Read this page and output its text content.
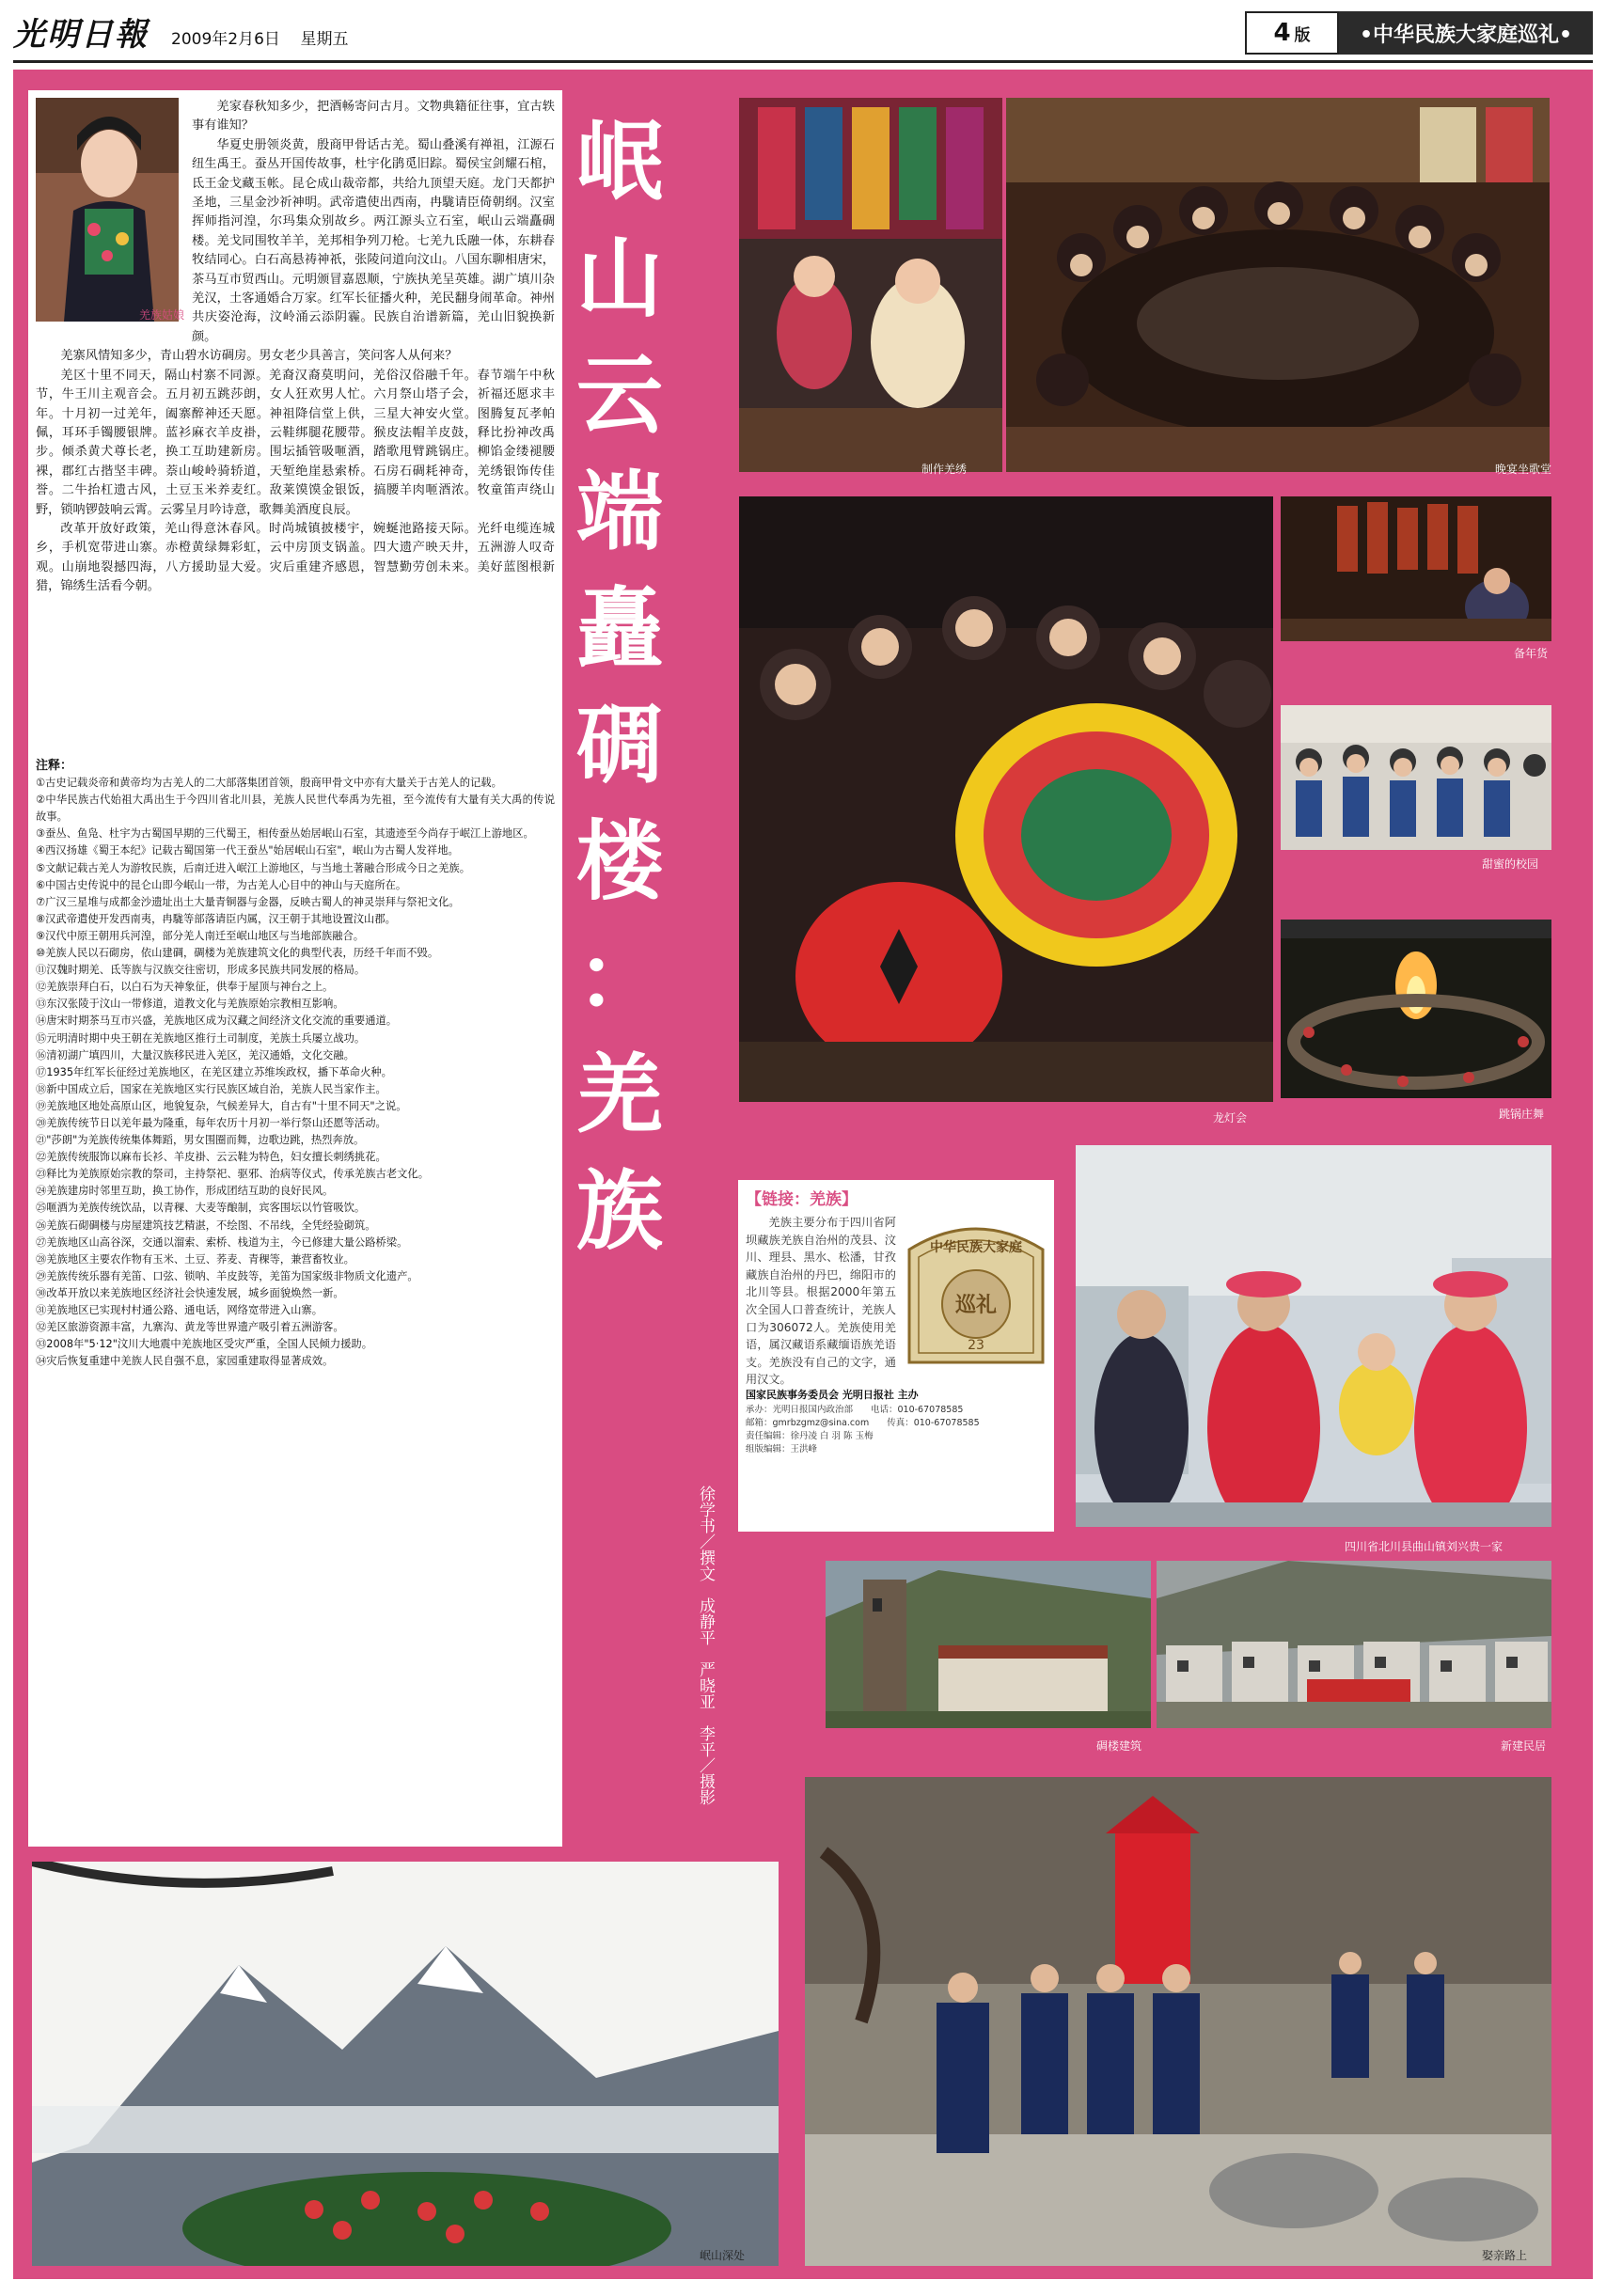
光明日報 2009年2月6日 星期五	4 版	•中华民族大家庭巡礼•

羌家春秋知多少，把酒畅寄问古月。文物典籍征往事，宜古轶事有谁知？

华夏史册领炎黄，殷商甲骨话古羌。蜀山叠溪有禅祖，江源石纽生禹王。蚕丛开国传故事，杜宇化鹃觅旧踪。蜀侯宝剑耀石棺，氐王金戈藏玉帐。昆仑成山裁帝都，共给九顶望天庭。龙门天都护圣地，三星金沙祈神明。武帝遣使出西南，冉駹请臣倚朝纲。汉室挥师指河湟，尔玛集众别故乡。两江源头立石室，岷山云端矗碉楼。羌戈同围牧羊羊，羌邦相争列刀枪。七羌九氐融一体，东耕春牧结同心。白石高悬祷神祇，张陵问道向汶山。八国东聊相唐宋，茶马互市贸西山。元明颁冒嘉恩顺，宁族执羌呈英雄。湖广填川杂羌汉，土客通婚合万家。红军长征播火种，羌民翻身闹革命。神州共庆姿沧海，汶岭涌云添阴霾。民族自治谱新篇，羌山旧貌换新颜。

羌寨风情知多少，青山碧水访碉房。男女老少具善言，笑问客人从何来？

羌区十里不同天，隔山村寨不同源。羌裔汉裔莫明问，羌俗汉俗融千年。春节端午中秋节，牛王川主观音会。五月初五跳莎朗，女人狂欢男人忙。六月祭山塔子会，祈福还愿求丰年。十月初一过羌年，阖寨醉神还天愿。神祖降信堂上供，三星大神安火堂。图腾复瓦孝帕佩，耳环手镯腰银牌。蓝衫麻衣羊皮褂，云鞋绑腿花腰带。猴皮法帽羊皮鼓，释比扮神改禹步。倾杀黄犬尊长老，换工互助建新房。围坛插管吸咂酒，踏歌甩臂跳锅庄。柳馅金缕褪腰裸，郡红古揩坚丰碑。萘山峻岭骑轿道，天堑绝崖悬索桥。石房石碉耗神奇，羌绣银饰传佳誉。二牛抬杠遗古风，土豆玉米养麦红。敌莱馍馍金银饭，搞腰羊肉咂酒浓。牧童笛声绕山野，锁呐锣鼓响云霄。云雾呈月吟诗意，歌舞美酒度良辰。

改革开放好政策，羌山得意沐春风。时尚城镇披楼宇，婉蜒池路接天际。光纤电缆连城乡，手机宽带进山寨。赤橙黄绿舞彩虹，云中房顶支锅盖。四大遗产映天井，五洲游人叹奇观。山崩地裂撼四海，八方援助显大爱。灾后重建齐感恩，智慧勤劳创未来。美好蓝图根新猎，锦绣生活看今朝。

羌族姑娘
注释：

①古史记载炎帝和黄帝均为古羌人的二大部落集团首领，殷商甲骨文中亦有大量关于古羌人的记载。

②中华民族古代始祖大禹出生于今四川省北川县，羌族人民世代奉禹为先祖，至今流传有大量有关大禹的传说故事。

③蚕丛、鱼凫、杜宇为古蜀国早期的三代蜀王，相传蚕丛始居岷山石室，其遗迹至今尚存于岷江上游地区。

④西汉扬雄《蜀王本纪》记载古蜀国第一代王蚕丛"始居岷山石室"，岷山为古蜀人发祥地。

⑤文献记载古羌人为游牧民族，后南迁进入岷江上游地区，与当地土著融合形成今日之羌族。

⑥中国古史传说中的昆仑山即今岷山一带，为古羌人心目中的神山与天庭所在。

⑦广汉三星堆与成都金沙遗址出土大量青铜器与金器，反映古蜀人的神灵崇拜与祭祀文化。

⑧汉武帝遣使开发西南夷，冉駹等部落请臣内属，汉王朝于其地设置汶山郡。

⑨汉代中原王朝用兵河湟，部分羌人南迁至岷山地区与当地部族融合。

⑩羌族人民以石砌房，依山建碉，碉楼为羌族建筑文化的典型代表，历经千年而不毁。

⑪汉魏时期羌、氐等族与汉族交往密切，形成多民族共同发展的格局。

⑫羌族崇拜白石，以白石为天神象征，供奉于屋顶与神台之上。

⑬东汉张陵于汶山一带修道，道教文化与羌族原始宗教相互影响。

⑭唐宋时期茶马互市兴盛，羌族地区成为汉藏之间经济文化交流的重要通道。

⑮元明清时期中央王朝在羌族地区推行土司制度，羌族土兵屡立战功。

⑯清初湖广填四川，大量汉族移民进入羌区，羌汉通婚，文化交融。

⑰1935年红军长征经过羌族地区，在羌区建立苏维埃政权，播下革命火种。

⑱新中国成立后，国家在羌族地区实行民族区域自治，羌族人民当家作主。

⑲羌族地区地处高原山区，地貌复杂，气候差异大，自古有"十里不同天"之说。

⑳羌族传统节日以羌年最为隆重，每年农历十月初一举行祭山还愿等活动。

㉑"莎朗"为羌族传统集体舞蹈，男女围圈而舞，边歌边跳，热烈奔放。

㉒羌族传统服饰以麻布长衫、羊皮褂、云云鞋为特色，妇女擅长刺绣挑花。

㉓释比为羌族原始宗教的祭司，主持祭祀、驱邪、治病等仪式，传承羌族古老文化。

㉔羌族建房时邻里互助，换工协作，形成团结互助的良好民风。

㉕咂酒为羌族传统饮品，以青稞、大麦等酿制，宾客围坛以竹管吸饮。

㉖羌族石砌碉楼与房屋建筑技艺精湛，不绘图、不吊线，全凭经验砌筑。

㉗羌族地区山高谷深，交通以溜索、索桥、栈道为主，今已修建大量公路桥梁。

㉘羌族地区主要农作物有玉米、土豆、荞麦、青稞等，兼营畜牧业。

㉙羌族传统乐器有羌笛、口弦、锁呐、羊皮鼓等，羌笛为国家级非物质文化遗产。

㉚改革开放以来羌族地区经济社会快速发展，城乡面貌焕然一新。

㉛羌族地区已实现村村通公路、通电话，网络宽带进入山寨。

㉜羌区旅游资源丰富，九寨沟、黄龙等世界遗产吸引着五洲游客。

㉝2008年"5·12"汶川大地震中羌族地区受灾严重，全国人民倾力援助。

㉞灾后恢复重建中羌族人民自强不息，家园重建取得显著成效。

徐学书为四川省社会科学院研究员、四川省巴蜀文化研究中心秘书长。
岷
山
云
端
矗
碉
楼
：
羌
族
徐学书／撰文　成静平　严晓亚　李平／摄影
制作羌绣	晚宴坐歌堂
龙灯会
备年货
甜蜜的校园
跳锅庄舞
【链接：羌族】
羌族主要分布于四川省阿坝藏族羌族自治州的茂县、汶川、理县、黑水、松潘，甘孜藏族自治州的丹巴，绵阳市的北川等县。根据2000年第五次全国人口普查统计，羌族人口为306072人。羌族使用羌语，属汉藏语系藏缅语族羌语支。羌族没有自己的文字，通用汉文。
中华民族大家庭
巡礼
23
国家民族事务委员会 光明日报社 主办
承办：光明日报国内政治部　　电话：010-67078585
邮箱：gmrbzgmz@sina.com　　传真：010-67078585
责任编辑：徐丹凌 白 羽 陈 玉梅
组版编辑：王洪峰
四川省北川县曲山镇刘兴贵一家
碉楼建筑	新建民居
岷山深处	娶亲路上
